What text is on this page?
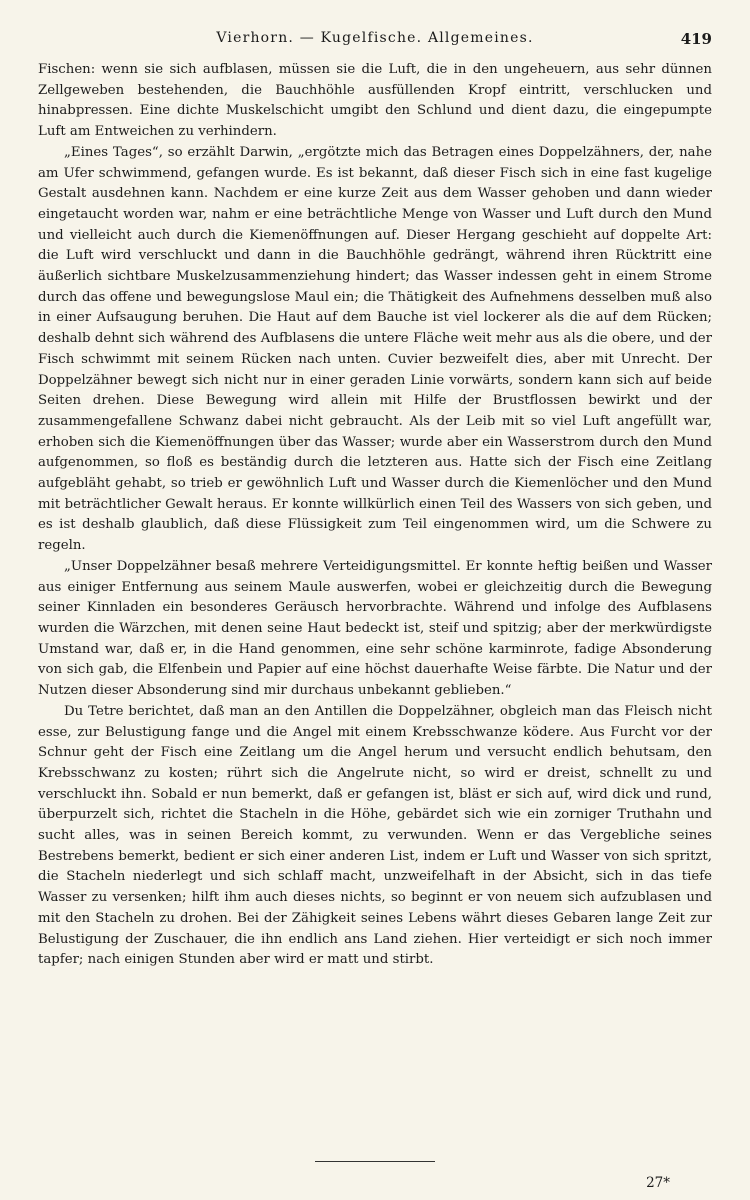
Vierhorn. — Kugelfische. Allgemeines.	419

Fischen: wenn sie sich aufblasen, müssen sie die Luft, die in den ungeheuern, aus sehr dünnen Zellgeweben bestehenden, die Bauchhöhle ausfüllenden Kropf eintritt, verschlucken und hinabpressen. Eine dichte Muskelschicht umgibt den Schlund und dient dazu, die eingepumpte Luft am Entweichen zu verhindern.

„Eines Tages“, so erzählt Darwin, „ergötzte mich das Betragen eines Doppelzähners, der, nahe am Ufer schwimmend, gefangen wurde. Es ist bekannt, daß dieser Fisch sich in eine fast kugelige Gestalt ausdehnen kann. Nachdem er eine kurze Zeit aus dem Wasser gehoben und dann wieder eingetaucht worden war, nahm er eine beträchtliche Menge von Wasser und Luft durch den Mund und vielleicht auch durch die Kiemenöffnungen auf. Dieser Hergang geschieht auf doppelte Art: die Luft wird verschluckt und dann in die Bauchhöhle gedrängt, während ihren Rücktritt eine äußerlich sichtbare Muskelzusammenziehung hindert; das Wasser indessen geht in einem Strome durch das offene und bewegungslose Maul ein; die Thätigkeit des Aufnehmens desselben muß also in einer Aufsaugung beruhen. Die Haut auf dem Bauche ist viel lockerer als die auf dem Rücken; deshalb dehnt sich während des Aufblasens die untere Fläche weit mehr aus als die obere, und der Fisch schwimmt mit seinem Rücken nach unten. Cuvier bezweifelt dies, aber mit Unrecht. Der Doppelzähner bewegt sich nicht nur in einer geraden Linie vorwärts, sondern kann sich auf beide Seiten drehen. Diese Bewegung wird allein mit Hilfe der Brustflossen bewirkt und der zusammengefallene Schwanz dabei nicht gebraucht. Als der Leib mit so viel Luft angefüllt war, erhoben sich die Kiemenöffnungen über das Wasser; wurde aber ein Wasserstrom durch den Mund aufgenommen, so floß es beständig durch die letzteren aus. Hatte sich der Fisch eine Zeitlang aufgebläht gehabt, so trieb er gewöhnlich Luft und Wasser durch die Kiemenlöcher und den Mund mit beträchtlicher Gewalt heraus. Er konnte willkürlich einen Teil des Wassers von sich geben, und es ist deshalb glaublich, daß diese Flüssigkeit zum Teil eingenommen wird, um die Schwere zu regeln.

„Unser Doppelzähner besaß mehrere Verteidigungsmittel. Er konnte heftig beißen und Wasser aus einiger Entfernung aus seinem Maule auswerfen, wobei er gleichzeitig durch die Bewegung seiner Kinnladen ein besonderes Geräusch hervorbrachte. Während und infolge des Aufblasens wurden die Wärzchen, mit denen seine Haut bedeckt ist, steif und spitzig; aber der merkwürdigste Umstand war, daß er, in die Hand genommen, eine sehr schöne karminrote, fadige Absonderung von sich gab, die Elfenbein und Papier auf eine höchst dauerhafte Weise färbte. Die Natur und der Nutzen dieser Absonderung sind mir durchaus unbekannt geblieben.“

Du Tetre berichtet, daß man an den Antillen die Doppelzähner, obgleich man das Fleisch nicht esse, zur Belustigung fange und die Angel mit einem Krebsschwanze ködere. Aus Furcht vor der Schnur geht der Fisch eine Zeitlang um die Angel herum und versucht endlich behutsam, den Krebsschwanz zu kosten; rührt sich die Angelrute nicht, so wird er dreist, schnellt zu und verschluckt ihn. Sobald er nun bemerkt, daß er gefangen ist, bläst er sich auf, wird dick und rund, überpurzelt sich, richtet die Stacheln in die Höhe, gebärdet sich wie ein zorniger Truthahn und sucht alles, was in seinen Bereich kommt, zu verwunden. Wenn er das Vergebliche seines Bestrebens bemerkt, bedient er sich einer anderen List, indem er Luft und Wasser von sich spritzt, die Stacheln niederlegt und sich schlaff macht, unzweifelhaft in der Absicht, sich in das tiefe Wasser zu versenken; hilft ihm auch dieses nichts, so beginnt er von neuem sich aufzublasen und mit den Stacheln zu drohen. Bei der Zähigkeit seines Lebens währt dieses Gebaren lange Zeit zur Belustigung der Zuschauer, die ihn endlich ans Land ziehen. Hier verteidigt er sich noch immer tapfer; nach einigen Stunden aber wird er matt und stirbt.

27*
